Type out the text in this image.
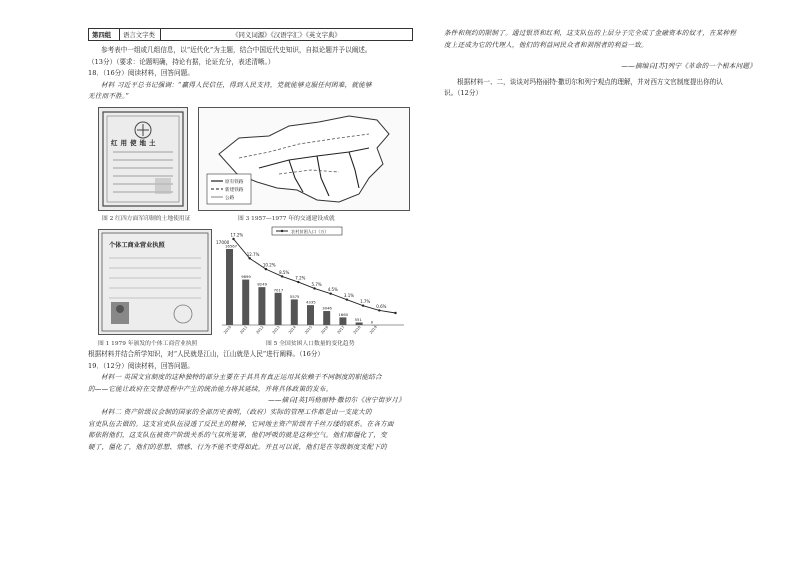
第四组	语言文字类	《同义词源》《汉语字汇》《英文字典》

参考表中一组或几组信息，以“近代化”为主题，结合中国近代史知识，自拟论题并予以阐述。

（13分）（要求：论题明确，持论有据，论证充分，表述清晰。）

18．（16分）阅读材料，回答问题。

材料 习近平总书记强调：“赢得人民信任，得到人民支持，党就能够克服任何困难，就能够

无往而不胜。”

红用使地土
原有铁路
新建铁路
公路
图 2 红四方面军印制的土地使用证	图 3 1957—1977 年的交通建设成就
个体工商业营业执照
农村贫困人口（万）
17000
16567
9899
8249
7017
5575
4335
3046
1660
551
0
17.2%
12.7%
10.2%
8.5%
7.2%
5.7%
4.5%
3.1%
1.7%
0.6%
2010 2011 2012 2013 2014 2015 2016 2017 2018 2019
图 1 1979 年颁发的个体工商营业执照	图 5 全国贫困人口数量的变化趋势

根据材料并结合所学知识，对“人民就是江山，江山就是人民”进行阐释。（16分）

19．（12分）阅读材料，回答问题。

材料一 英国文官制度的这种独特的部分主要在于其具有真正运用其依赖于不同制度的职能结合

的——它能让政府在交替进程中产生的统治能力将其延续，并将具体政策的发布。

——摘自[英]玛格丽特·撒切尔《唐宁街岁月》

材料二 资产阶级议会制的国家的全部历史表明，（政府）实际的管理工作都是由一支庞大的

官吏队伍去做的。这支官吏队伍浸透了反民主的精神，它同地主资产阶级有千丝万缕的联系。在各方面

都依附他们，这支队伍被资产阶级关系的气氛所笼罩，他们呼吸的就是这种空气。他们都僵化了，变

硬了，僵化了，他们的思想、情感、行为不能不变得如此。并且可以说，他们是在等级制度支配下的

条件和规约的限制了。通过银票和红利，这支队伍的上层分子完全成了金融资本的奴才，在某种程

度上还成为它的代理人，他们的利益同民众者和剥削者的利益一致。

——摘编自[苏]列宁《革命的一个根本问题》

根据材料一、二，谈谈对玛格丽特·撒切尔和列宁观点的理解，并对西方文官制度提出你的认

识。（12分）
